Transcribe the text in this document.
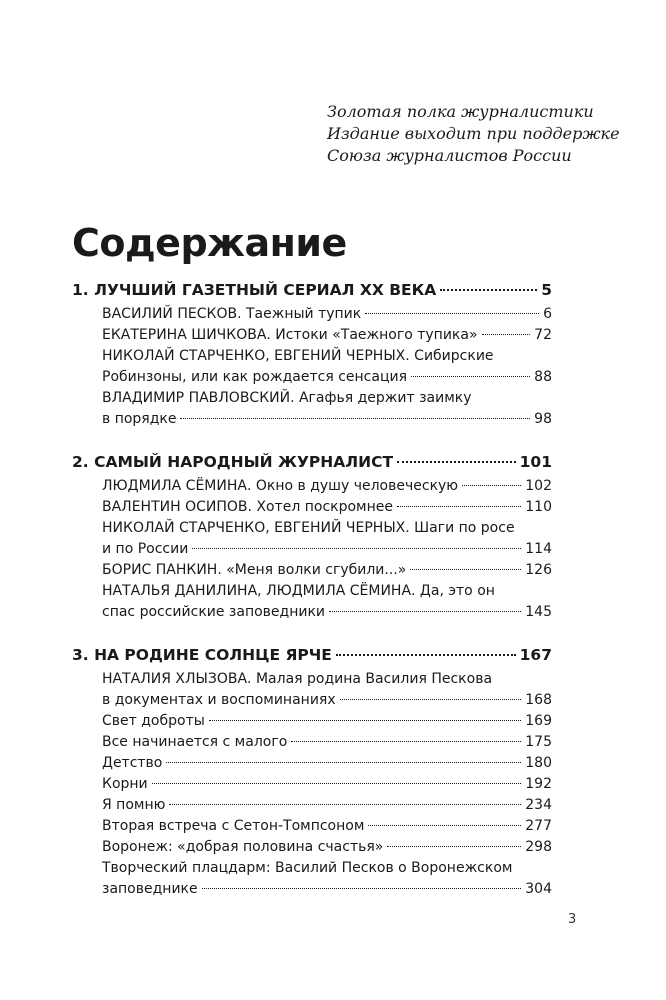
Золотая полка журналистики
Издание выходит при поддержке
Союза журналистов России
Содержание
1. ЛУЧШИЙ ГАЗЕТНЫЙ СЕРИАЛ XX ВЕКА	5
ВАСИЛИЙ ПЕСКОВ. Таежный тупик	6
ЕКАТЕРИНА ШИЧКОВА. Истоки «Таежного тупика»	72
НИКОЛАЙ СТАРЧЕНКО, ЕВГЕНИЙ ЧЕРНЫХ. Сибирские
Робинзоны, или как рождается сенсация	88
ВЛАДИМИР ПАВЛОВСКИЙ. Агафья держит заимку
в порядке	98
2. САМЫЙ НАРОДНЫЙ ЖУРНАЛИСТ	101
ЛЮДМИЛА СЁМИНА. Окно в душу человеческую	102
ВАЛЕНТИН ОСИПОВ. Хотел поскромнее	110
НИКОЛАЙ СТАРЧЕНКО, ЕВГЕНИЙ ЧЕРНЫХ. Шаги по росе
и по России	114
БОРИС ПАНКИН. «Меня волки сгубили...»	126
НАТАЛЬЯ ДАНИЛИНА, ЛЮДМИЛА СЁМИНА. Да, это он
спас российские заповедники	145
3. НА РОДИНЕ СОЛНЦЕ ЯРЧЕ	167
НАТАЛИЯ ХЛЫЗОВА. Малая родина Василия Пескова
в документах и воспоминаниях	168
Свет доброты	169
Все начинается с малого	175
Детство	180
Корни	192
Я помню	234
Вторая встреча с Сетон-Томпсоном	277
Воронеж: «добрая половина счастья»	298
Творческий плацдарм: Василий Песков о Воронежском
заповеднике	304
3
